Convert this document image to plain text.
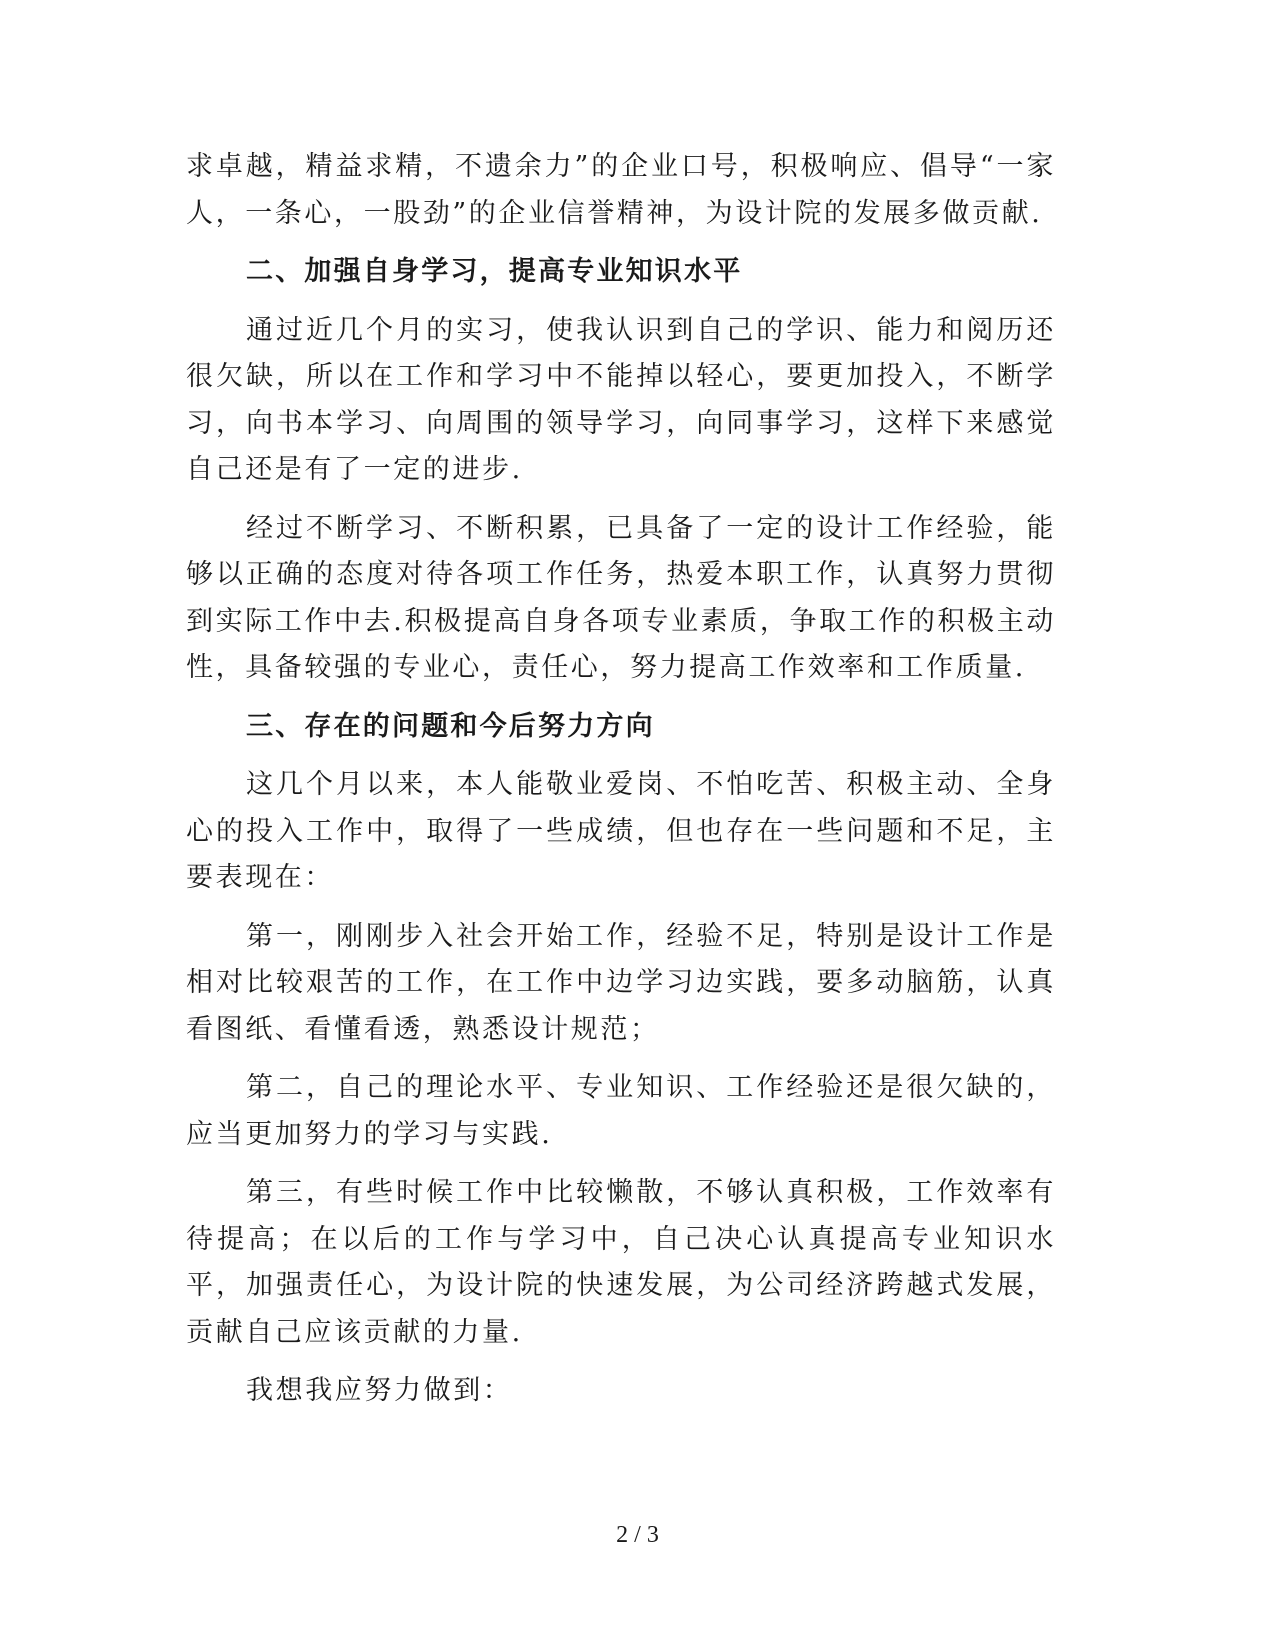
求卓越，精益求精，不遗余力”的企业口号，积极响应、倡导“一家人，一条心，一股劲”的企业信誉精神，为设计院的发展多做贡献.

二、加强自身学习，提高专业知识水平

通过近几个月的实习，使我认识到自己的学识、能力和阅历还很欠缺，所以在工作和学习中不能掉以轻心，要更加投入，不断学习，向书本学习、向周围的领导学习，向同事学习，这样下来感觉自己还是有了一定的进步.

经过不断学习、不断积累，已具备了一定的设计工作经验，能够以正确的态度对待各项工作任务，热爱本职工作，认真努力贯彻到实际工作中去.积极提高自身各项专业素质，争取工作的积极主动性，具备较强的专业心，责任心，努力提高工作效率和工作质量.

三、存在的问题和今后努力方向

这几个月以来，本人能敬业爱岗、不怕吃苦、积极主动、全身心的投入工作中，取得了一些成绩，但也存在一些问题和不足，主要表现在：

第一，刚刚步入社会开始工作，经验不足，特别是设计工作是相对比较艰苦的工作，在工作中边学习边实践，要多动脑筋，认真看图纸、看懂看透，熟悉设计规范；

第二，自己的理论水平、专业知识、工作经验还是很欠缺的，应当更加努力的学习与实践.

第三，有些时候工作中比较懒散，不够认真积极，工作效率有待提高；在以后的工作与学习中，自己决心认真提高专业知识水平，加强责任心，为设计院的快速发展，为公司经济跨越式发展，贡献自己应该贡献的力量.

我想我应努力做到：

2 / 3
